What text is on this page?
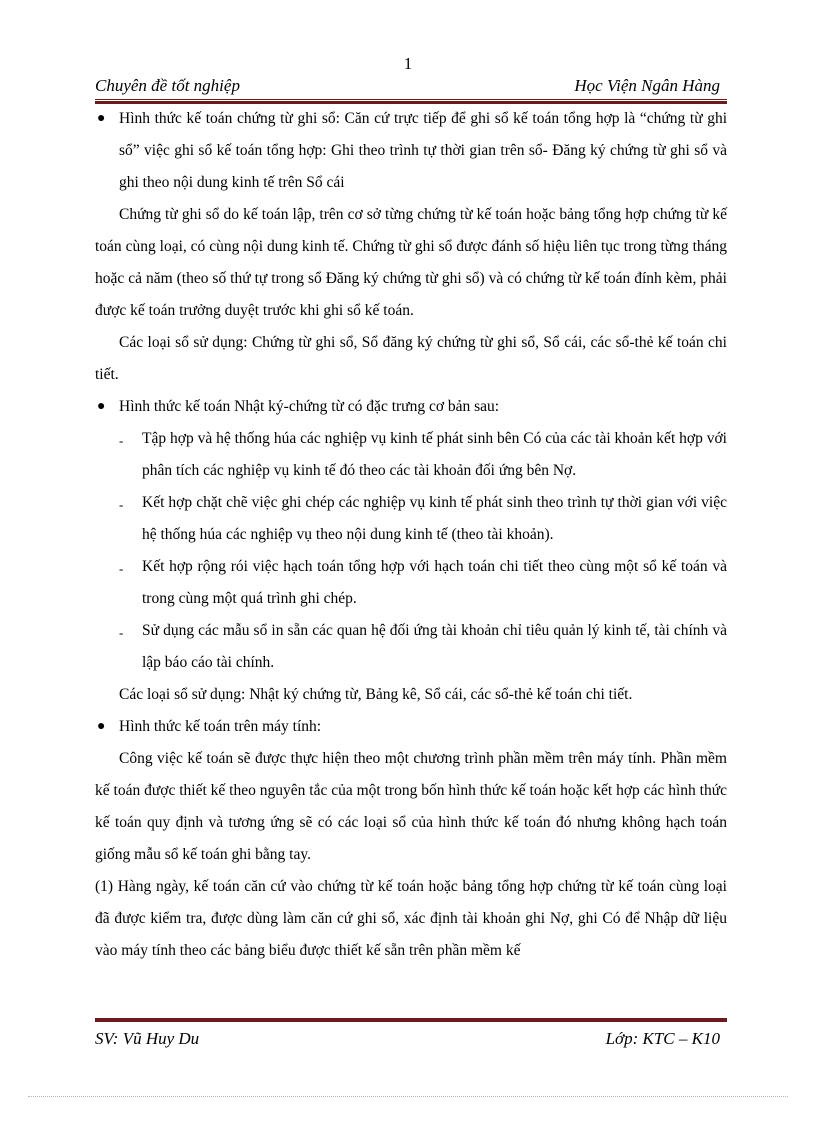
1
Chuyên đề tốt nghiệp	Học Viện Ngân Hàng

● Hình thức kế toán chứng từ ghi sổ: Căn cứ trực tiếp để ghi sổ kế toán tổng hợp là “chứng từ ghi sổ” việc ghi sổ kế toán tổng hợp: Ghi theo trình tự thời gian trên sổ- Đăng ký chứng từ ghi sổ và ghi theo nội dung kinh tế trên Sổ cái

Chứng từ ghi sổ do kế toán lập, trên cơ sở từng chứng từ kế toán hoặc bảng tổng hợp chứng từ kế toán cùng loại, có cùng nội dung kinh tế. Chứng từ ghi sổ được đánh số hiệu liên tục trong từng tháng hoặc cả năm (theo số thứ tự trong sổ Đăng ký chứng từ ghi sổ) và có chứng từ kế toán đính kèm, phải được kế toán trưởng duyệt trước khi ghi sổ kế toán.

Các loại sổ sử dụng: Chứng từ ghi sổ, Sổ đăng ký chứng từ ghi sổ, Sổ cái, các sổ-thẻ kế toán chi tiết.

● Hình thức kế toán Nhật ký-chứng từ có đặc trưng cơ bản sau:

- Tập hợp và hệ thống húa các nghiệp vụ kinh tế phát sinh bên Có của các tài khoản kết hợp với phân tích các nghiệp vụ kinh tế đó theo các tài khoản đối ứng bên Nợ.

- Kết hợp chặt chẽ việc ghi chép các nghiệp vụ kinh tế phát sinh theo trình tự thời gian với việc hệ thống húa các nghiệp vụ theo nội dung kinh tế (theo tài khoản).

- Kết hợp rộng rói việc hạch toán tổng hợp với hạch toán chi tiết theo cùng một sổ kế toán và trong cùng một quá trình ghi chép.

- Sử dụng các mẫu sổ in sẵn các quan hệ đối ứng tài khoản chỉ tiêu quản lý kinh tế, tài chính và lập báo cáo tài chính.

Các loại sổ sử dụng: Nhật ký chứng từ, Bảng kê, Sổ cái, các sổ-thẻ kế toán chi tiết.

● Hình thức kế toán trên máy tính:

Công việc kế toán sẽ được thực hiện theo một chương trình phần mềm trên máy tính. Phần mềm kế toán được thiết kế theo nguyên tắc của một trong bốn hình thức kế toán hoặc kết hợp các hình thức kế toán quy định và tương ứng sẽ có các loại sổ của hình thức kế toán đó nhưng không hạch toán giống mẫu sổ kế toán ghi bằng tay.

(1) Hàng ngày, kế toán căn cứ vào chứng từ kế toán hoặc bảng tổng hợp chứng từ kế toán cùng loại đã được kiểm tra, được dùng làm căn cứ ghi sổ, xác định tài khoản ghi Nợ, ghi Có để Nhập dữ liệu vào máy tính theo các bảng biểu được thiết kế sẵn trên phần mềm kế

SV: Vũ Huy Du	Lớp: KTC – K10
